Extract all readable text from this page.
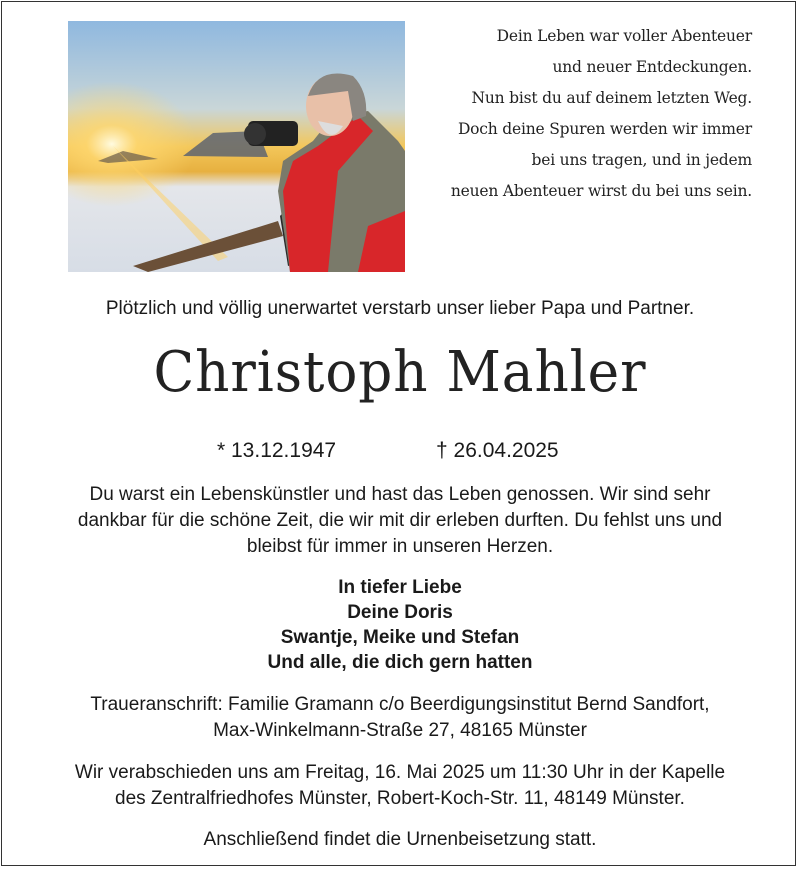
Dein Leben war voller Abenteuer
und neuer Entdeckungen.
Nun bist du auf deinem letzten Weg.
Doch deine Spuren werden wir immer
bei uns tragen, und in jedem
neuen Abenteuer wirst du bei uns sein.
Plötzlich und völlig unerwartet verstarb unser lieber Papa und Partner.
Christoph Mahler
* 13.12.1947	† 26.04.2025
Du warst ein Lebenskünstler und hast das Leben genossen. Wir sind sehr
dankbar für die schöne Zeit, die wir mit dir erleben durften. Du fehlst uns und
bleibst für immer in unseren Herzen.
In tiefer Liebe
Deine Doris
Swantje, Meike und Stefan
Und alle, die dich gern hatten
Traueranschrift: Familie Gramann c/o Beerdigungsinstitut Bernd Sandfort,
Max-Winkelmann-Straße 27, 48165 Münster
Wir verabschieden uns am Freitag, 16. Mai 2025 um 11:30 Uhr in der Kapelle
des Zentralfriedhofes Münster, Robert-Koch-Str. 11, 48149 Münster.
Anschließend findet die Urnenbeisetzung statt.
